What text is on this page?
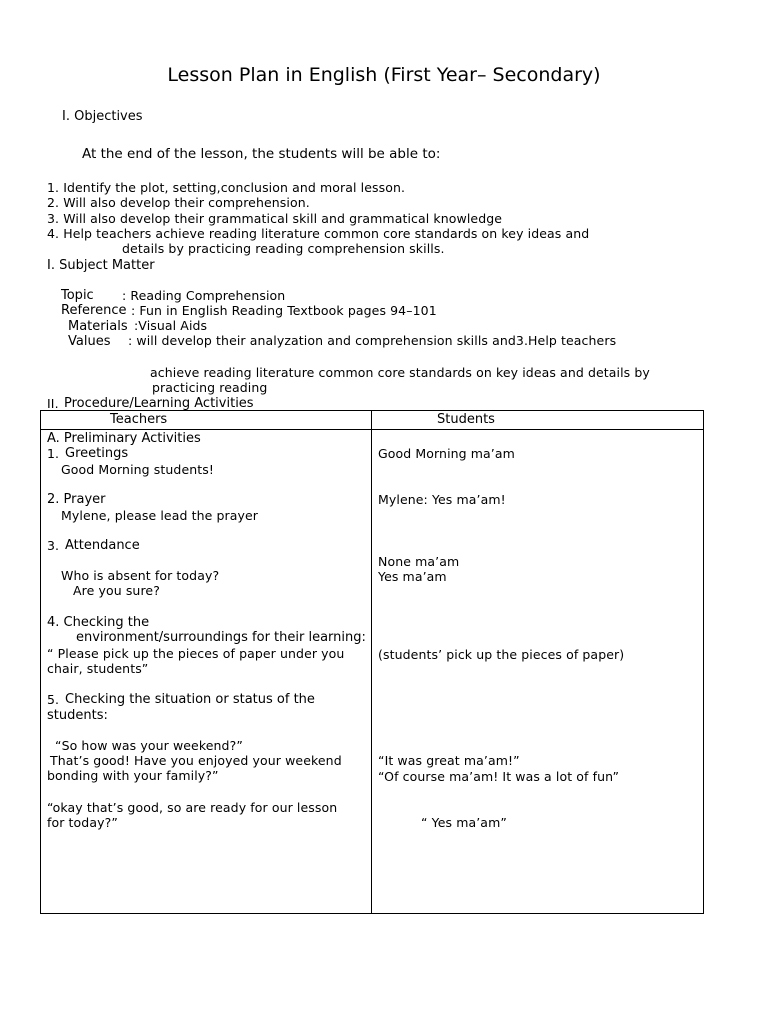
Lesson Plan in English (First Year– Secondary)
I. Objectives
At the end of the lesson, the students will be able to:
1. Identify the plot, setting,conclusion and moral lesson.
2. Will also develop their comprehension.
3. Will also develop their grammatical skill and grammatical knowledge
4. Help teachers achieve reading literature common core standards on key ideas and
details by practicing reading comprehension skills.
I. Subject Matter
Topic : Reading Comprehension
Reference : Fun in English Reading Textbook pages 94–101
Materials :Visual Aids
Values : will develop their analyzation and comprehension skills and3.Help teachers
achieve reading literature common core standards on key ideas and details by
practicing reading
II. Procedure/Learning Activities
Teachers	Students
A. Preliminary Activities
1. Greetings
Good Morning students!
2. Prayer
Mylene, please lead the prayer
3. Attendance
Who is absent for today?
Are you sure?
4. Checking the
environment/surroundings for their learning:
“ Please pick up the pieces of paper under you
chair, students”
5. Checking the situation or status of the
students:
“So how was your weekend?”
That’s good! Have you enjoyed your weekend
bonding with your family?”
“okay that’s good, so are ready for our lesson
for today?”
Good Morning ma’am
Mylene: Yes ma’am!
None ma’am
Yes ma’am
(students’ pick up the pieces of paper)
“It was great ma’am!”
“Of course ma’am! It was a lot of fun”
“ Yes ma’am”
